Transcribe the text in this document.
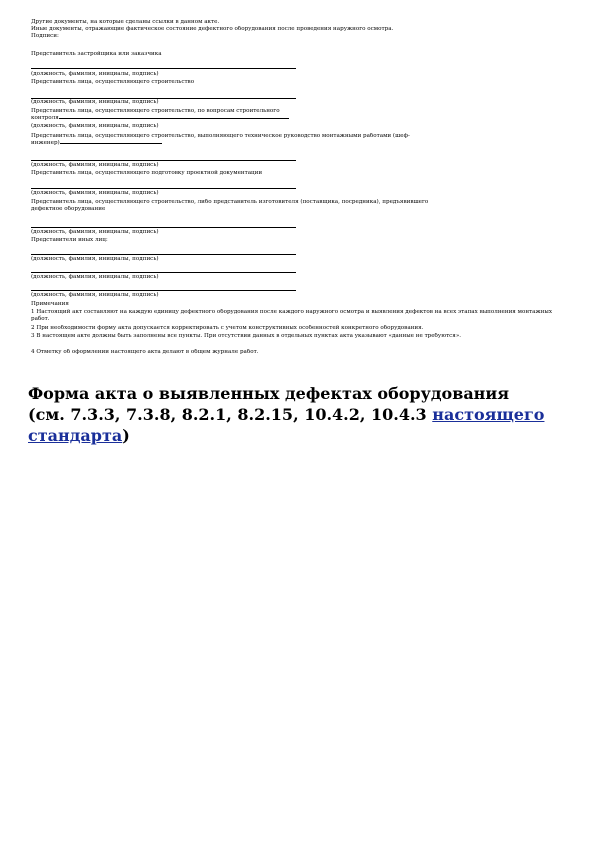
Другие документы, на которые сделаны ссылки в данном акте.
Иные документы, отражающие фактическое состояние дефектного оборудования после проведения наружного осмотра.
Подписи:
Представитель застройщика или заказчика
(должность, фамилия, инициалы, подпись)
Представитель лица, осуществляющего строительство
(должность, фамилия, инициалы, подпись)
Представитель лица, осуществляющего строительство, по вопросам строительного
контроля
(должность, фамилия, инициалы, подпись)
Представитель лица, осуществляющего строительство, выполняющего техническое руководство монтажными работами (шеф-
инженер)
(должность, фамилия, инициалы, подпись)
Представитель лица, осуществляющего подготовку проектной документации
(должность, фамилия, инициалы, подпись)
Представитель лица, осуществляющего строительство, либо представитель изготовителя (поставщика, посредника), предъявившего
дефектное оборудование
(должность, фамилия, инициалы, подпись)
Представители иных лиц:
(должность, фамилия, инициалы, подпись)
(должность, фамилия, инициалы, подпись)
(должность, фамилия, инициалы, подпись)
Примечания
1 Настоящий акт составляют на каждую единицу дефектного оборудования после каждого наружного осмотра и выявления дефектов на всех этапах выполнения монтажных работ.
2 При необходимости форму акта допускается корректировать с учетом конструктивных особенностей конкретного оборудования.
3 В настоящем акте должны быть заполнены все пункты. При отсутствии данных в отдельных пунктах акта указывают «данные не требуются».
4 Отметку об оформлении настоящего акта делают в общем журнале работ.
Форма акта о выявленных дефектах оборудования
(см. 7.3.3, 7.3.8, 8.2.1, 8.2.15, 10.4.2, 10.4.3 настоящего
стандарта)
